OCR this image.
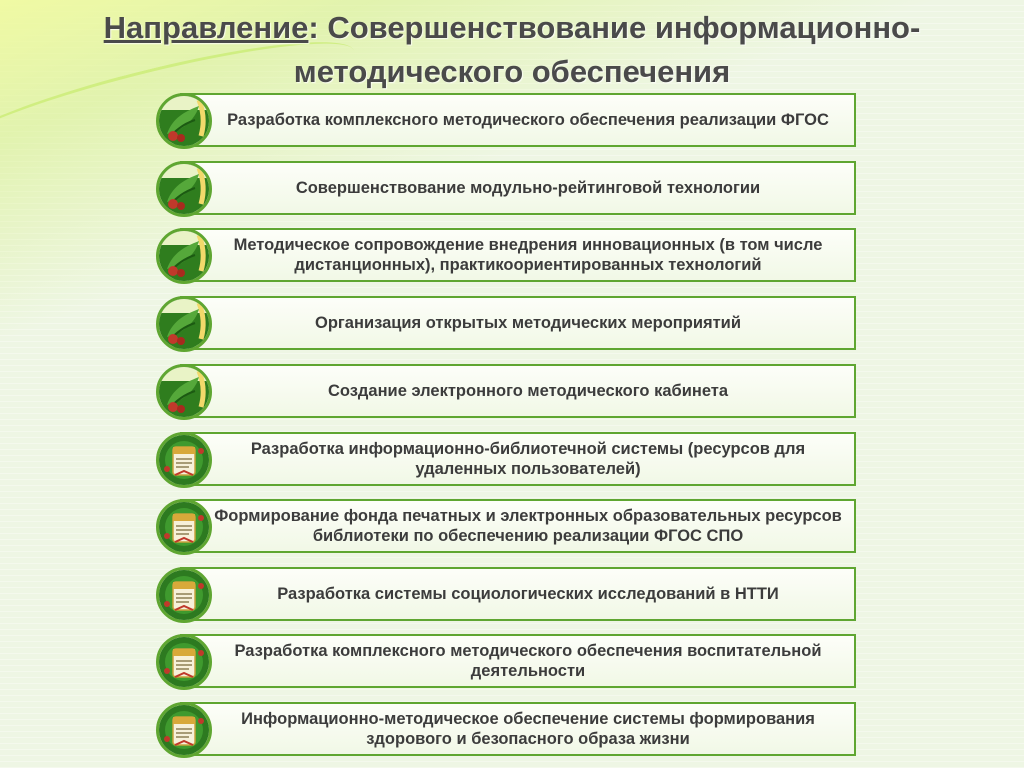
Направление: Совершенствование информационно-
методического обеспечения
Разработка комплексного методического обеспечения реализации ФГОС
Совершенствование модульно-рейтинговой технологии
Методическое сопровождение внедрения инновационных (в том числе дистанционных), практикоориентированных технологий
Организация открытых методических мероприятий
Создание электронного методического кабинета
Разработка информационно-библиотечной системы (ресурсов для удаленных пользователей)
Формирование фонда печатных и электронных образовательных ресурсов библиотеки по обеспечению реализации ФГОС СПО
Разработка системы социологических исследований в НТТИ
Разработка комплексного методического обеспечения воспитательной деятельности
Информационно-методическое обеспечение системы формирования здорового и безопасного образа жизни
